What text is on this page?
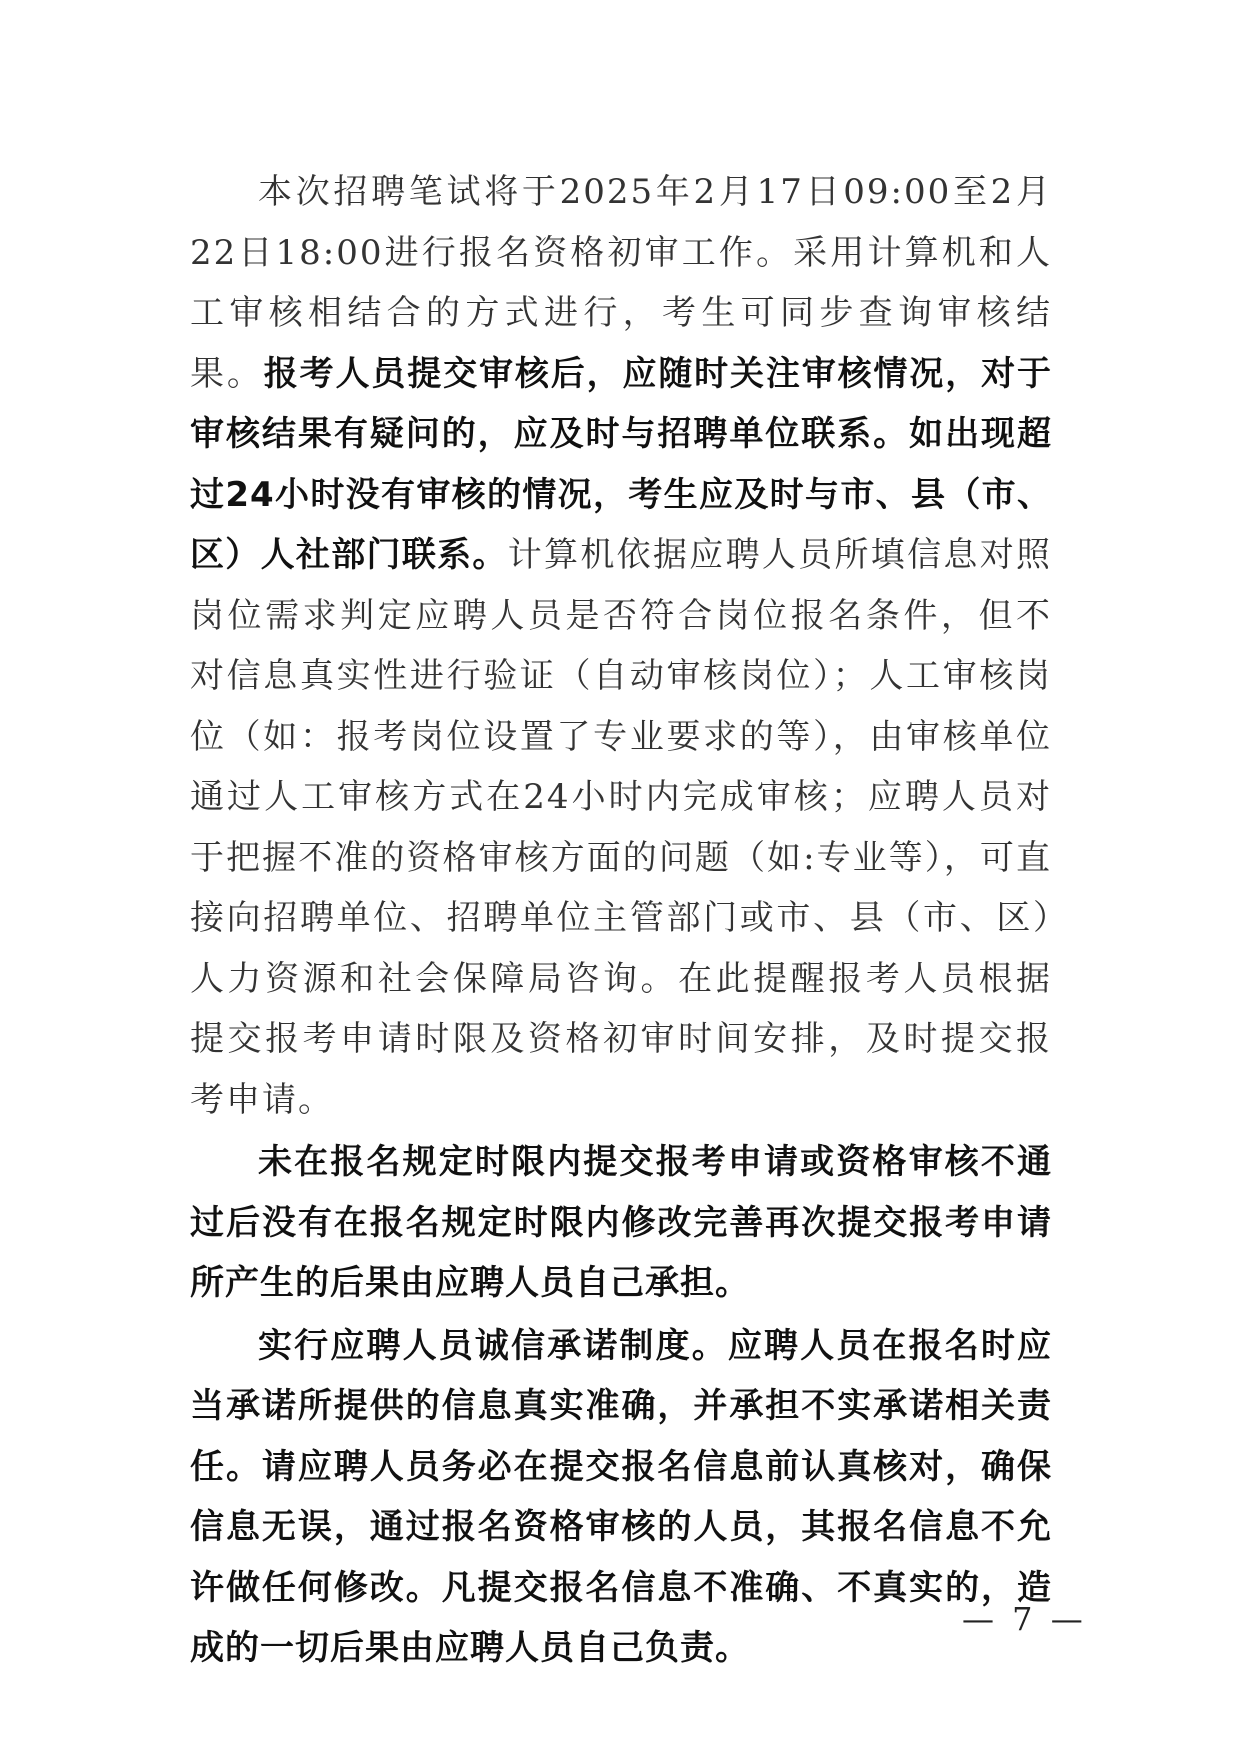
本次招聘笔试将于2025年2月17日09:00至2月22日18:00进行报名资格初审工作。采用计算机和人工审核相结合的方式进行，考生可同步查询审核结果。报考人员提交审核后，应随时关注审核情况，对于审核结果有疑问的，应及时与招聘单位联系。如出现超过24小时没有审核的情况，考生应及时与市、县（市、区）人社部门联系。计算机依据应聘人员所填信息对照岗位需求判定应聘人员是否符合岗位报名条件，但不对信息真实性进行验证（自动审核岗位）；人工审核岗位（如：报考岗位设置了专业要求的等），由审核单位通过人工审核方式在24小时内完成审核；应聘人员对于把握不准的资格审核方面的问题（如:专业等），可直接向招聘单位、招聘单位主管部门或市、县（市、区）人力资源和社会保障局咨询。在此提醒报考人员根据提交报考申请时限及资格初审时间安排，及时提交报考申请。

未在报名规定时限内提交报考申请或资格审核不通过后没有在报名规定时限内修改完善再次提交报考申请所产生的后果由应聘人员自己承担。

实行应聘人员诚信承诺制度。应聘人员在报名时应当承诺所提供的信息真实准确，并承担不实承诺相关责任。请应聘人员务必在提交报名信息前认真核对，确保信息无误，通过报名资格审核的人员，其报名信息不允许做任何修改。凡提交报名信息不准确、不真实的，造成的一切后果由应聘人员自己负责。

— 7 —
